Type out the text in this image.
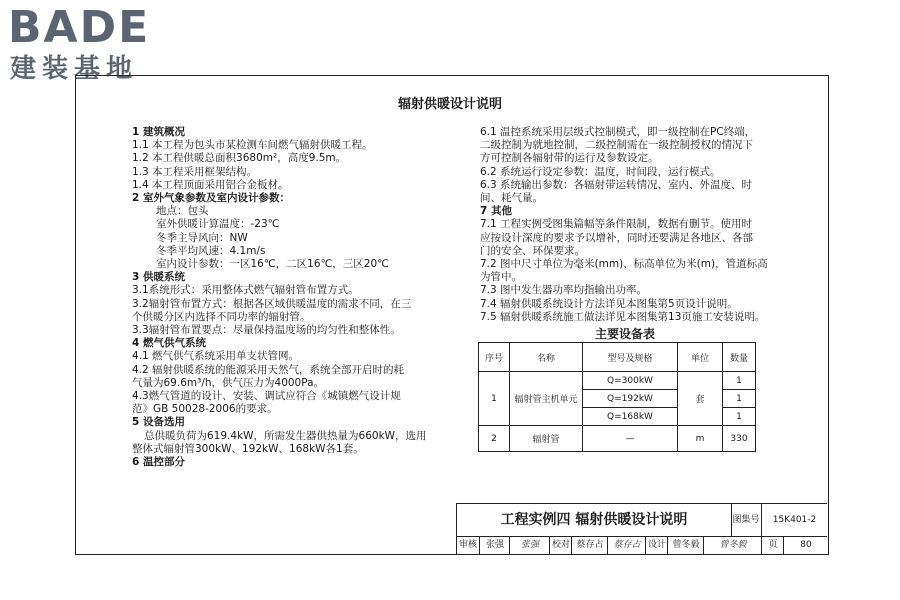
BADE
建装基地
辐射供暖设计说明
1 建筑概况
1.1 本工程为包头市某检测车间燃气辐射供暖工程。
1.2 本工程供暖总面积3680m²，高度9.5m。
1.3 本工程采用框架结构。
1.4 本工程顶面采用铝合金板材。
2 室外气象参数及室内设计参数：
地点：包头
室外供暖计算温度：-23℃
冬季主导风向：NW
冬季平均风速：4.1m/s
室内设计参数：一区16℃，二区16℃，三区20℃
3 供暖系统
3.1系统形式：采用整体式燃气辐射管布置方式。
3.2辐射管布置方式：根据各区域供暖温度的需求不同，在三
个供暖分区内选择不同功率的辐射管。
3.3辐射管布置要点：尽量保持温度场的均匀性和整体性。
4 燃气供气系统
4.1 燃气供气系统采用单支状管网。
4.2 辐射供暖系统的能源采用天然气，系统全部开启时的耗
气量为69.6m³/h，供气压力为4000Pa。
4.3燃气管道的设计、安装、调试应符合《城镇燃气设计规
范》GB 50028-2006的要求。
5 设备选用
总供暖负荷为619.4kW，所需发生器供热量为660kW，选用
整体式辐射管300kW、192kW、168kW各1套。
6 温控部分
6.1 温控系统采用层级式控制模式，即一级控制在PC终端，
二级控制为就地控制，二级控制需在一级控制授权的情况下
方可控制各辐射带的运行及参数设定。
6.2 系统运行设定参数：温度，时间段，运行模式。
6.3 系统输出参数：各辐射带运转情况、室内、外温度、时
间、耗气量。
7 其他
7.1 工程实例受图集篇幅等条件限制，数据有删节。使用时
应按设计深度的要求予以增补，同时还要满足各地区、各部
门的安全、环保要求。
7.2 图中尺寸单位为毫米(mm)、标高单位为米(m)，管道标高
为管中。
7.3 图中发生器功率均指输出功率。
7.4 辐射供暖系统设计方法详见本图集第5页设计说明。
7.5 辐射供暖系统施工做法详见本图集第13页施工安装说明。
主要设备表
序号	名称	型号及规格	单位	数量
1	辐射管主机单元	Q=300kW	套	1
		Q=192kW		1
		Q=168kW		1
2	辐射管	—	m	330
工程实例四 辐射供暖设计说明	图集号	15K401-2
审核 张强	张强	校对 蔡存占	蔡存占 设计 曾冬毅	曾冬毅	页	80
